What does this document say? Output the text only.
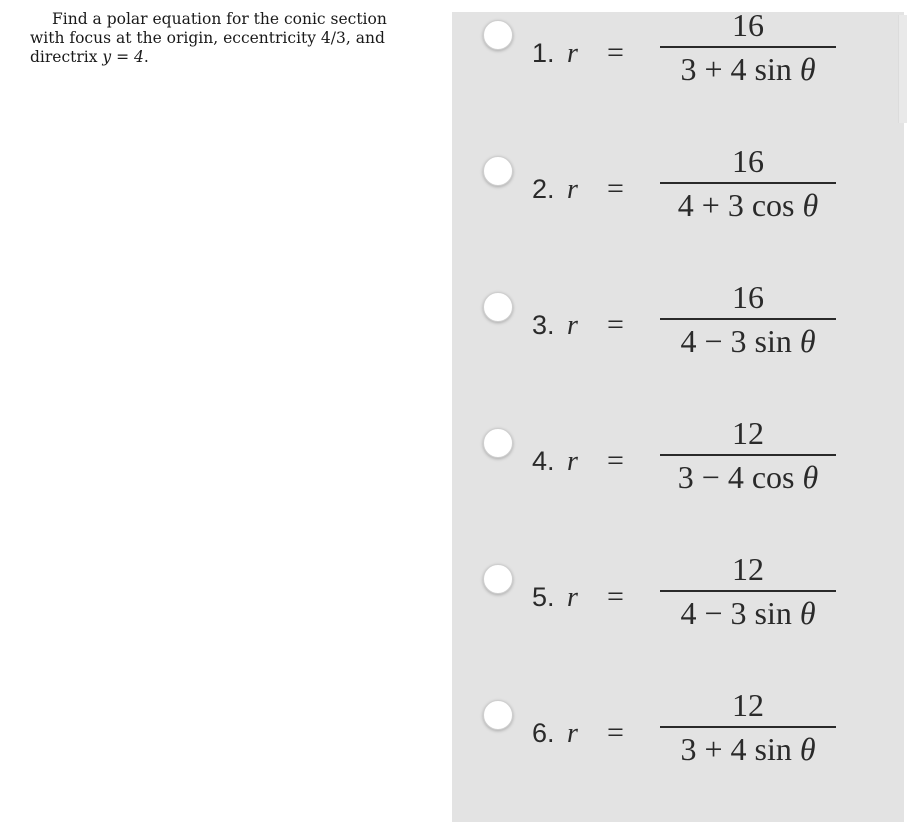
Find a polar equation for the conic section with focus at the origin, eccentricity 4/3, and directrix y = 4.	1. r =
16
3 + 4 sin θ
2. r =
16
4 + 3 cos θ
3. r =
16
4 − 3 sin θ
4. r =
12
3 − 4 cos θ
5. r =
12
4 − 3 sin θ
6. r =
12
3 + 4 sin θ
